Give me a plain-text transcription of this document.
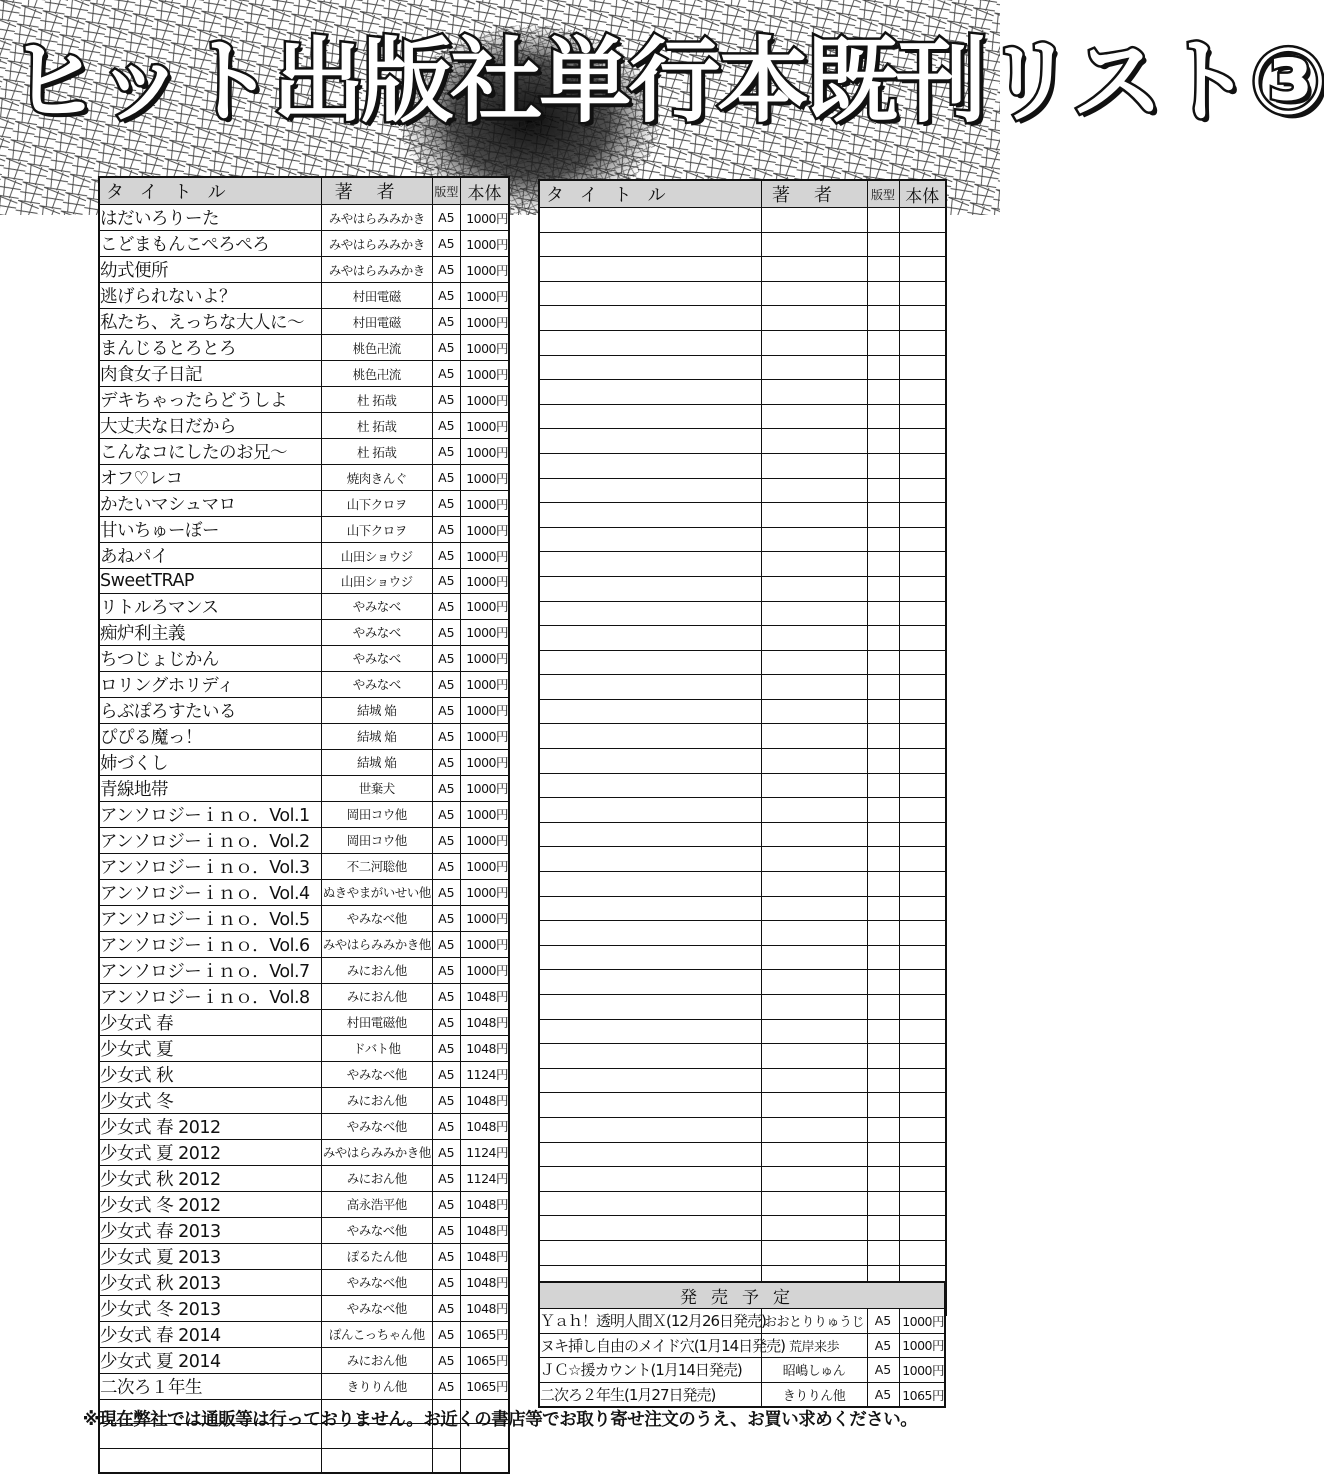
ヒット出版社単行本既刊リスト③
タイトル	著者	版型	本体
はだいろりーた	みやはらみみかき	A5	1000円
こどまもんこぺろぺろ	みやはらみみかき	A5	1000円
幼式便所	みやはらみみかき	A5	1000円
逃げられないよ？	村田電磁	A5	1000円
私たち、えっちな大人に〜	村田電磁	A5	1000円
まんじるとろとろ	桃色卍流	A5	1000円
肉食女子日記	桃色卍流	A5	1000円
デキちゃったらどうしよ	杜 拓哉	A5	1000円
大丈夫な日だから	杜 拓哉	A5	1000円
こんなコにしたのお兄〜	杜 拓哉	A5	1000円
オフ♡レコ	焼肉きんぐ	A5	1000円
かたいマシュマロ	山下クロヲ	A5	1000円
甘いちゅーぼー	山下クロヲ	A5	1000円
あねパイ	山田ショウジ	A5	1000円
SweetTRAP	山田ショウジ	A5	1000円
リトルろマンス	やみなべ	A5	1000円
痴炉利主義	やみなべ	A5	1000円
ちつじょじかん	やみなべ	A5	1000円
ロリングホリディ	やみなべ	A5	1000円
らぶぽろすたいる	結城 焔	A5	1000円
ぴぴる魔っ！	結城 焔	A5	1000円
姉づくし	結城 焔	A5	1000円
青線地帯	世棄犬	A5	1000円
アンソロジーｉｎｏ．Vol.1	岡田コウ他	A5	1000円
アンソロジーｉｎｏ．Vol.2	岡田コウ他	A5	1000円
アンソロジーｉｎｏ．Vol.3	不二河聡他	A5	1000円
アンソロジーｉｎｏ．Vol.4	ぬきやまがいせい他	A5	1000円
アンソロジーｉｎｏ．Vol.5	やみなべ他	A5	1000円
アンソロジーｉｎｏ．Vol.6	みやはらみみかき他	A5	1000円
アンソロジーｉｎｏ．Vol.7	みにおん他	A5	1000円
アンソロジーｉｎｏ．Vol.8	みにおん他	A5	1048円
少女式 春	村田電磁他	A5	1048円
少女式 夏	ドバト他	A5	1048円
少女式 秋	やみなべ他	A5	1124円
少女式 冬	みにおん他	A5	1048円
少女式 春 2012	やみなべ他	A5	1048円
少女式 夏 2012	みやはらみみかき他	A5	1124円
少女式 秋 2012	みにおん他	A5	1124円
少女式 冬 2012	高永浩平他	A5	1048円
少女式 春 2013	やみなべ他	A5	1048円
少女式 夏 2013	ぽるたん他	A5	1048円
少女式 秋 2013	やみなべ他	A5	1048円
少女式 冬 2013	やみなべ他	A5	1048円
少女式 春 2014	ぽんこっちゃん他	A5	1065円
少女式 夏 2014	みにおん他	A5	1065円
二次ろ１年生	きりりん他	A5	1065円

タイトル	著者	版型	本体

発売予定			
Ｙａｈ！透明人間Ｘ(12月26日発売)	おおとりりゅうじ	A5	1000円
ヌキ挿し自由のメイド穴(1月14日発売)	荒岸来歩	A5	1000円
ＪＣ☆援カウント(1月14日発売)	昭嶋しゅん	A5	1000円
二次ろ２年生(1月27日発売)	きりりん他	A5	1065円
※現在弊社では通販等は行っておりません。お近くの書店等でお取り寄せ注文のうえ、お買い求めください。
